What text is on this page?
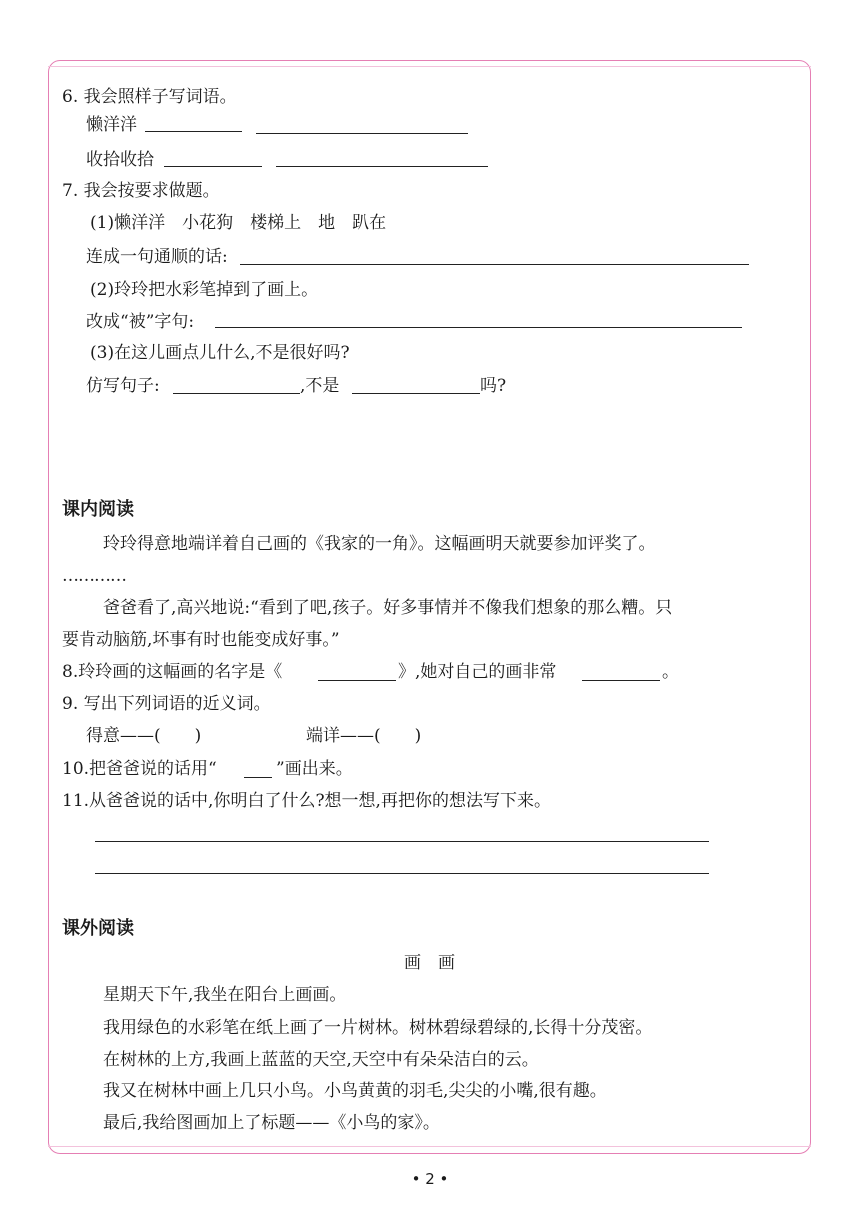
6. 我会照样子写词语。
懒洋洋
收拾收拾
7. 我会按要求做题。
(1)懒洋洋　小花狗　楼梯上　地　趴在
连成一句通顺的话:
(2)玲玲把水彩笔掉到了画上。
改成“被”字句:
(3)在这儿画点儿什么,不是很好吗?
仿写句子:	,不是	吗?
课内阅读
玲玲得意地端详着自己画的《我家的一角》。这幅画明天就要参加评奖了。
…………
爸爸看了,高兴地说:“看到了吧,孩子。好多事情并不像我们想象的那么糟。只
要肯动脑筋,坏事有时也能变成好事。”
8.玲玲画的这幅画的名字是《	》,她对自己的画非常	。
9. 写出下列词语的近义词。
得意——(　　)	端详——(　　)
10.把爸爸说的话用“	”画出来。
11.从爸爸说的话中,你明白了什么?想一想,再把你的想法写下来。
课外阅读
画　画
星期天下午,我坐在阳台上画画。
我用绿色的水彩笔在纸上画了一片树林。树林碧绿碧绿的,长得十分茂密。
在树林的上方,我画上蓝蓝的天空,天空中有朵朵洁白的云。
我又在树林中画上几只小鸟。小鸟黄黄的羽毛,尖尖的小嘴,很有趣。
最后,我给图画加上了标题——《小鸟的家》。
• 2 •
